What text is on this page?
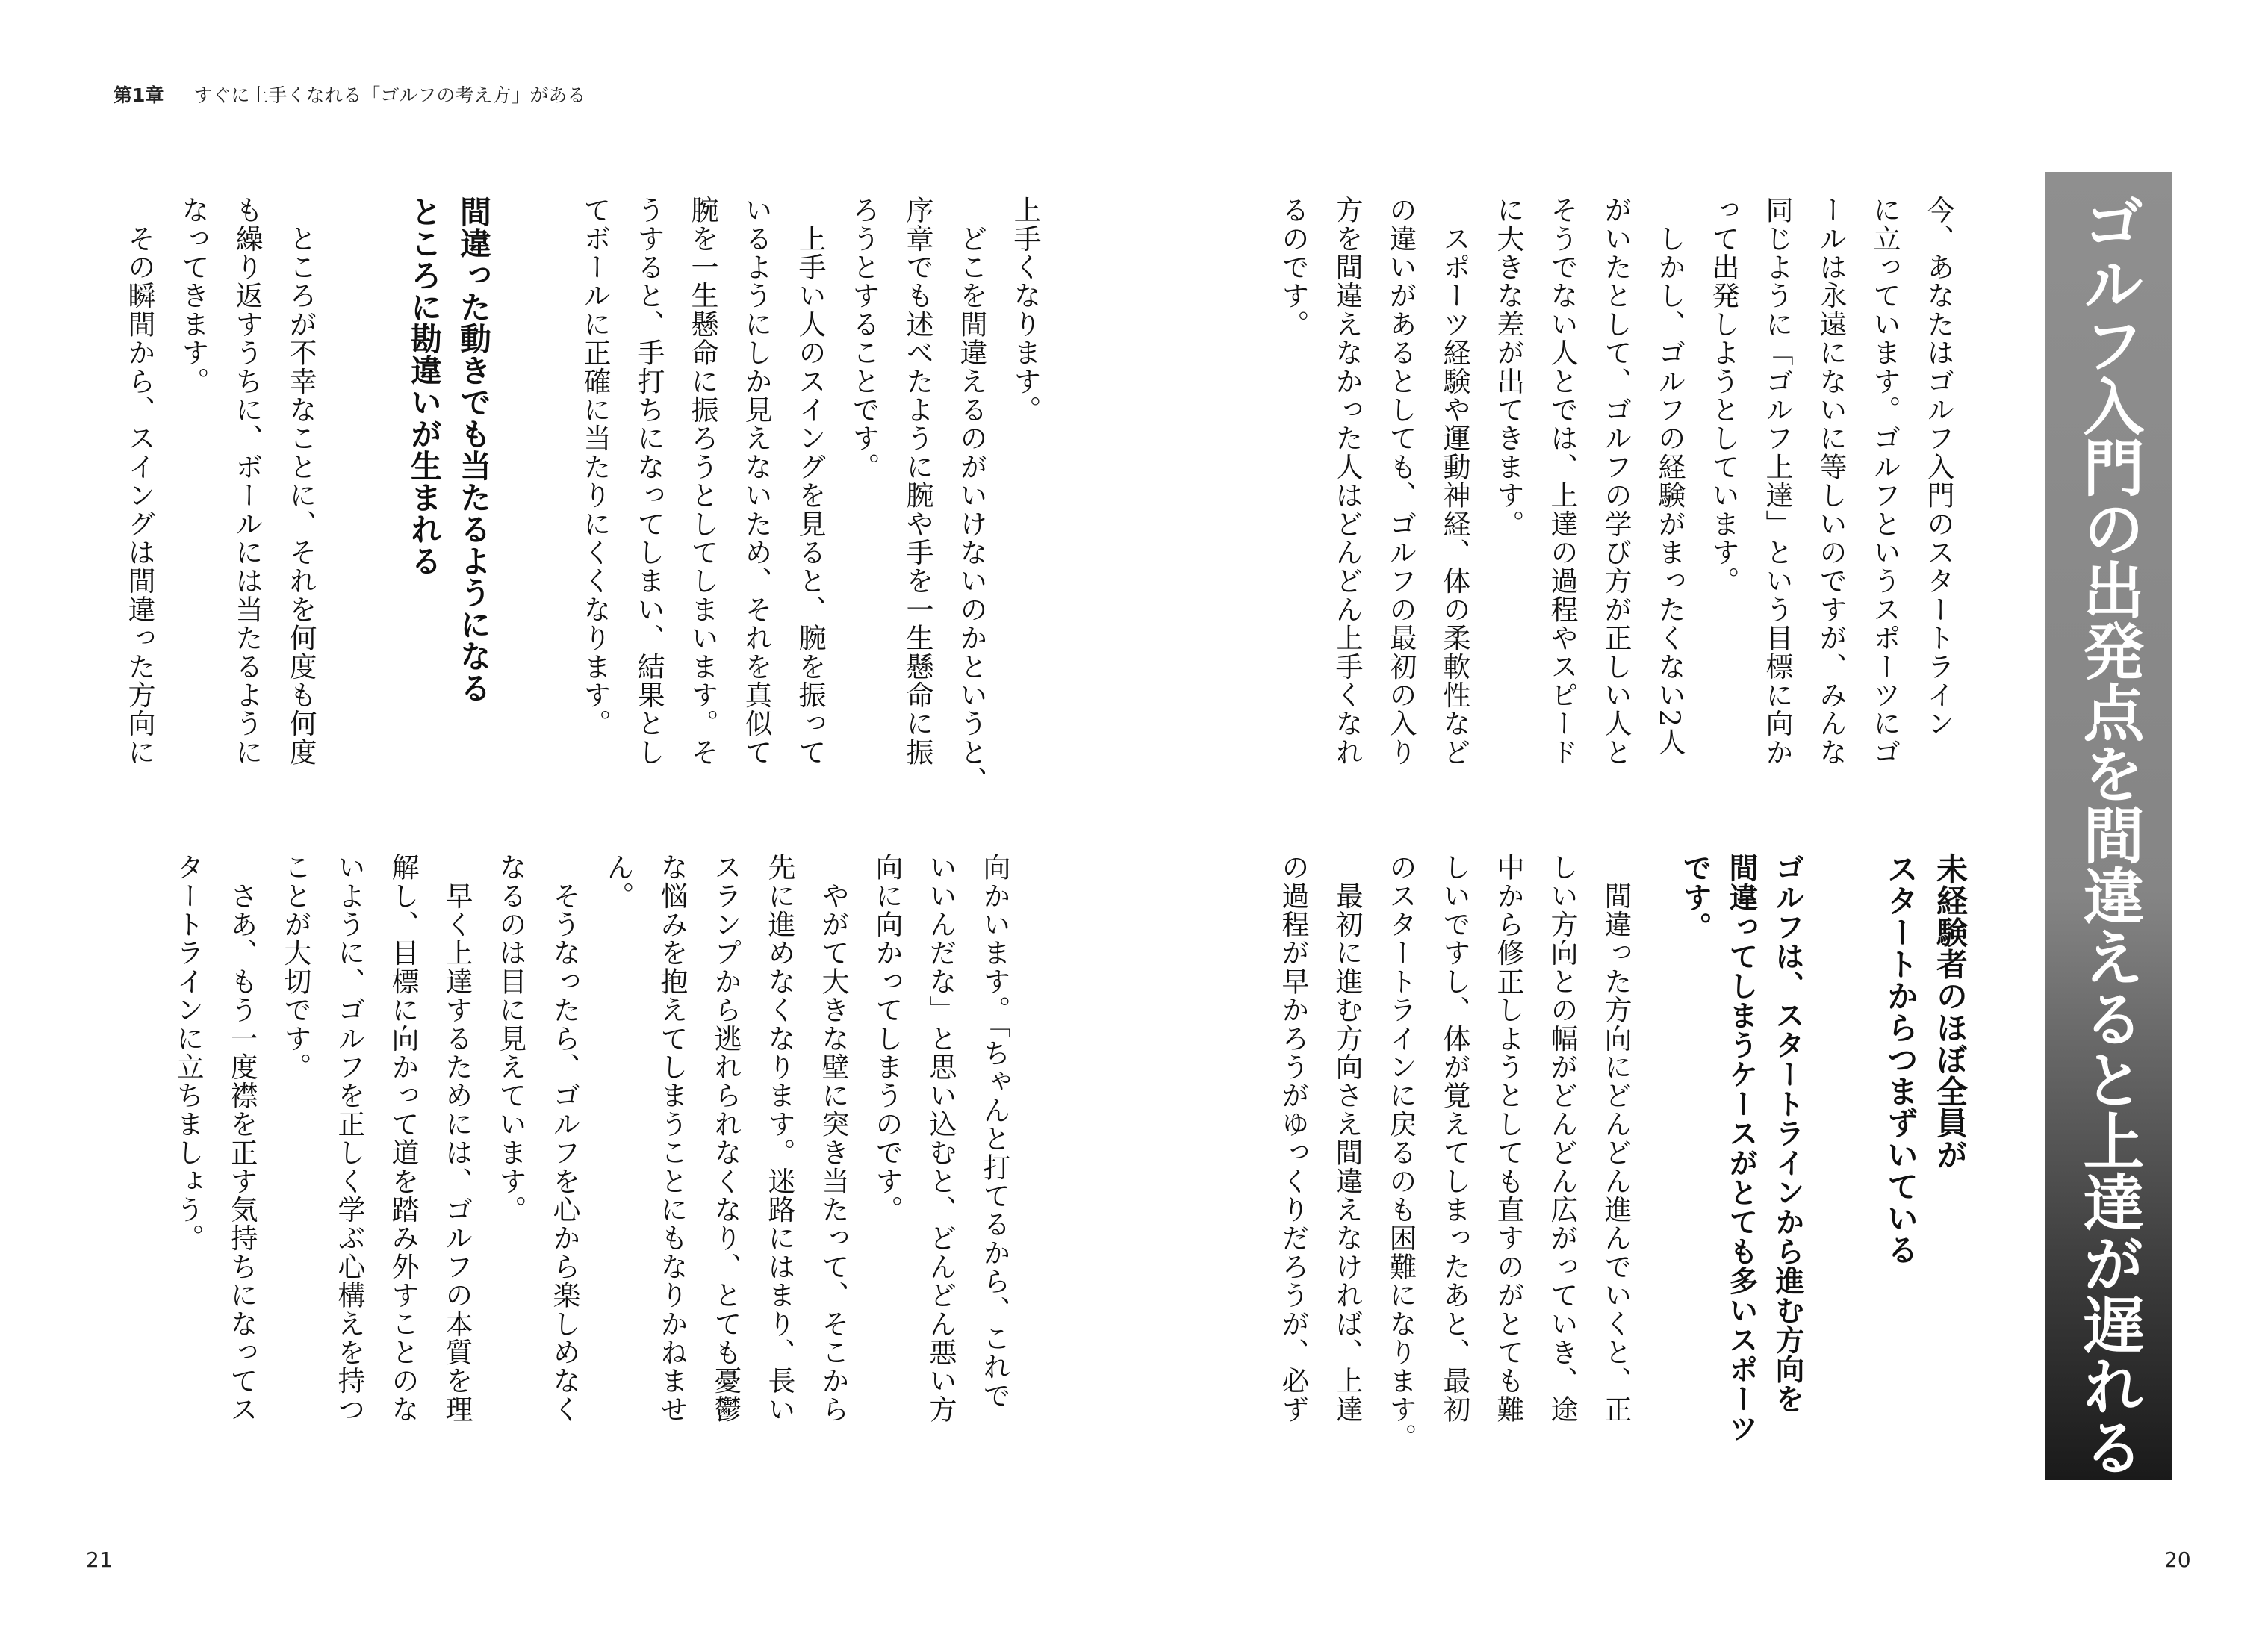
第1章 すぐに上手くなれる「ゴルフの考え方」がある
ゴルフ入門の出発点を間違えると上達が遅れる
今、あなたはゴルフ入門のスタートライン
に立っています。ゴルフというスポーツにゴ
ールは永遠にないに等しいのですが、みんな
同じように「ゴルフ上達」という目標に向か
って出発しようとしています。
　しかし、ゴルフの経験がまったくない2人
がいたとして、ゴルフの学び方が正しい人と
そうでない人とでは、上達の過程やスピード
に大きな差が出てきます。
　スポーツ経験や運動神経、体の柔軟性など
の違いがあるとしても、ゴルフの最初の入り
方を間違えなかった人はどんどん上手くなれ
るのです。
未経験者のほぼ全員が
スタートからつまずいている
ゴルフは、スタートラインから進む方向を
間違ってしまうケースがとても多いスポーツ
です。
　間違った方向にどんどん進んでいくと、正
しい方向との幅がどんどん広がっていき、途
中から修正しようとしても直すのがとても難
しいですし、体が覚えてしまったあと、最初
のスタートラインに戻るのも困難になります。
　最初に進む方向さえ間違えなければ、上達
の過程が早かろうがゆっくりだろうが、必ず
上手くなります。
　どこを間違えるのがいけないのかというと、
序章でも述べたように腕や手を一生懸命に振
ろうとすることです。
　上手い人のスイングを見ると、腕を振って
いるようにしか見えないため、それを真似て
腕を一生懸命に振ろうとしてしまいます。そ
うすると、手打ちになってしまい、結果とし
てボールに正確に当たりにくくなります。
間違った動きでも当たるようになる
ところに勘違いが生まれる
　ところが不幸なことに、それを何度も何度
も繰り返すうちに、ボールには当たるように
なってきます。
　その瞬間から、スイングは間違った方向に
向かいます。「ちゃんと打てるから、これで
いいんだな」と思い込むと、どんどん悪い方
向に向かってしまうのです。
　やがて大きな壁に突き当たって、そこから
先に進めなくなります。迷路にはまり、長い
スランプから逃れられなくなり、とても憂鬱
な悩みを抱えてしまうことにもなりかねませ
ん。
　そうなったら、ゴルフを心から楽しめなく
なるのは目に見えています。
　早く上達するためには、ゴルフの本質を理
解し、目標に向かって道を踏み外すことのな
いように、ゴルフを正しく学ぶ心構えを持つ
ことが大切です。
　さあ、もう一度襟を正す気持ちになってス
タートラインに立ちましょう。
21	20
